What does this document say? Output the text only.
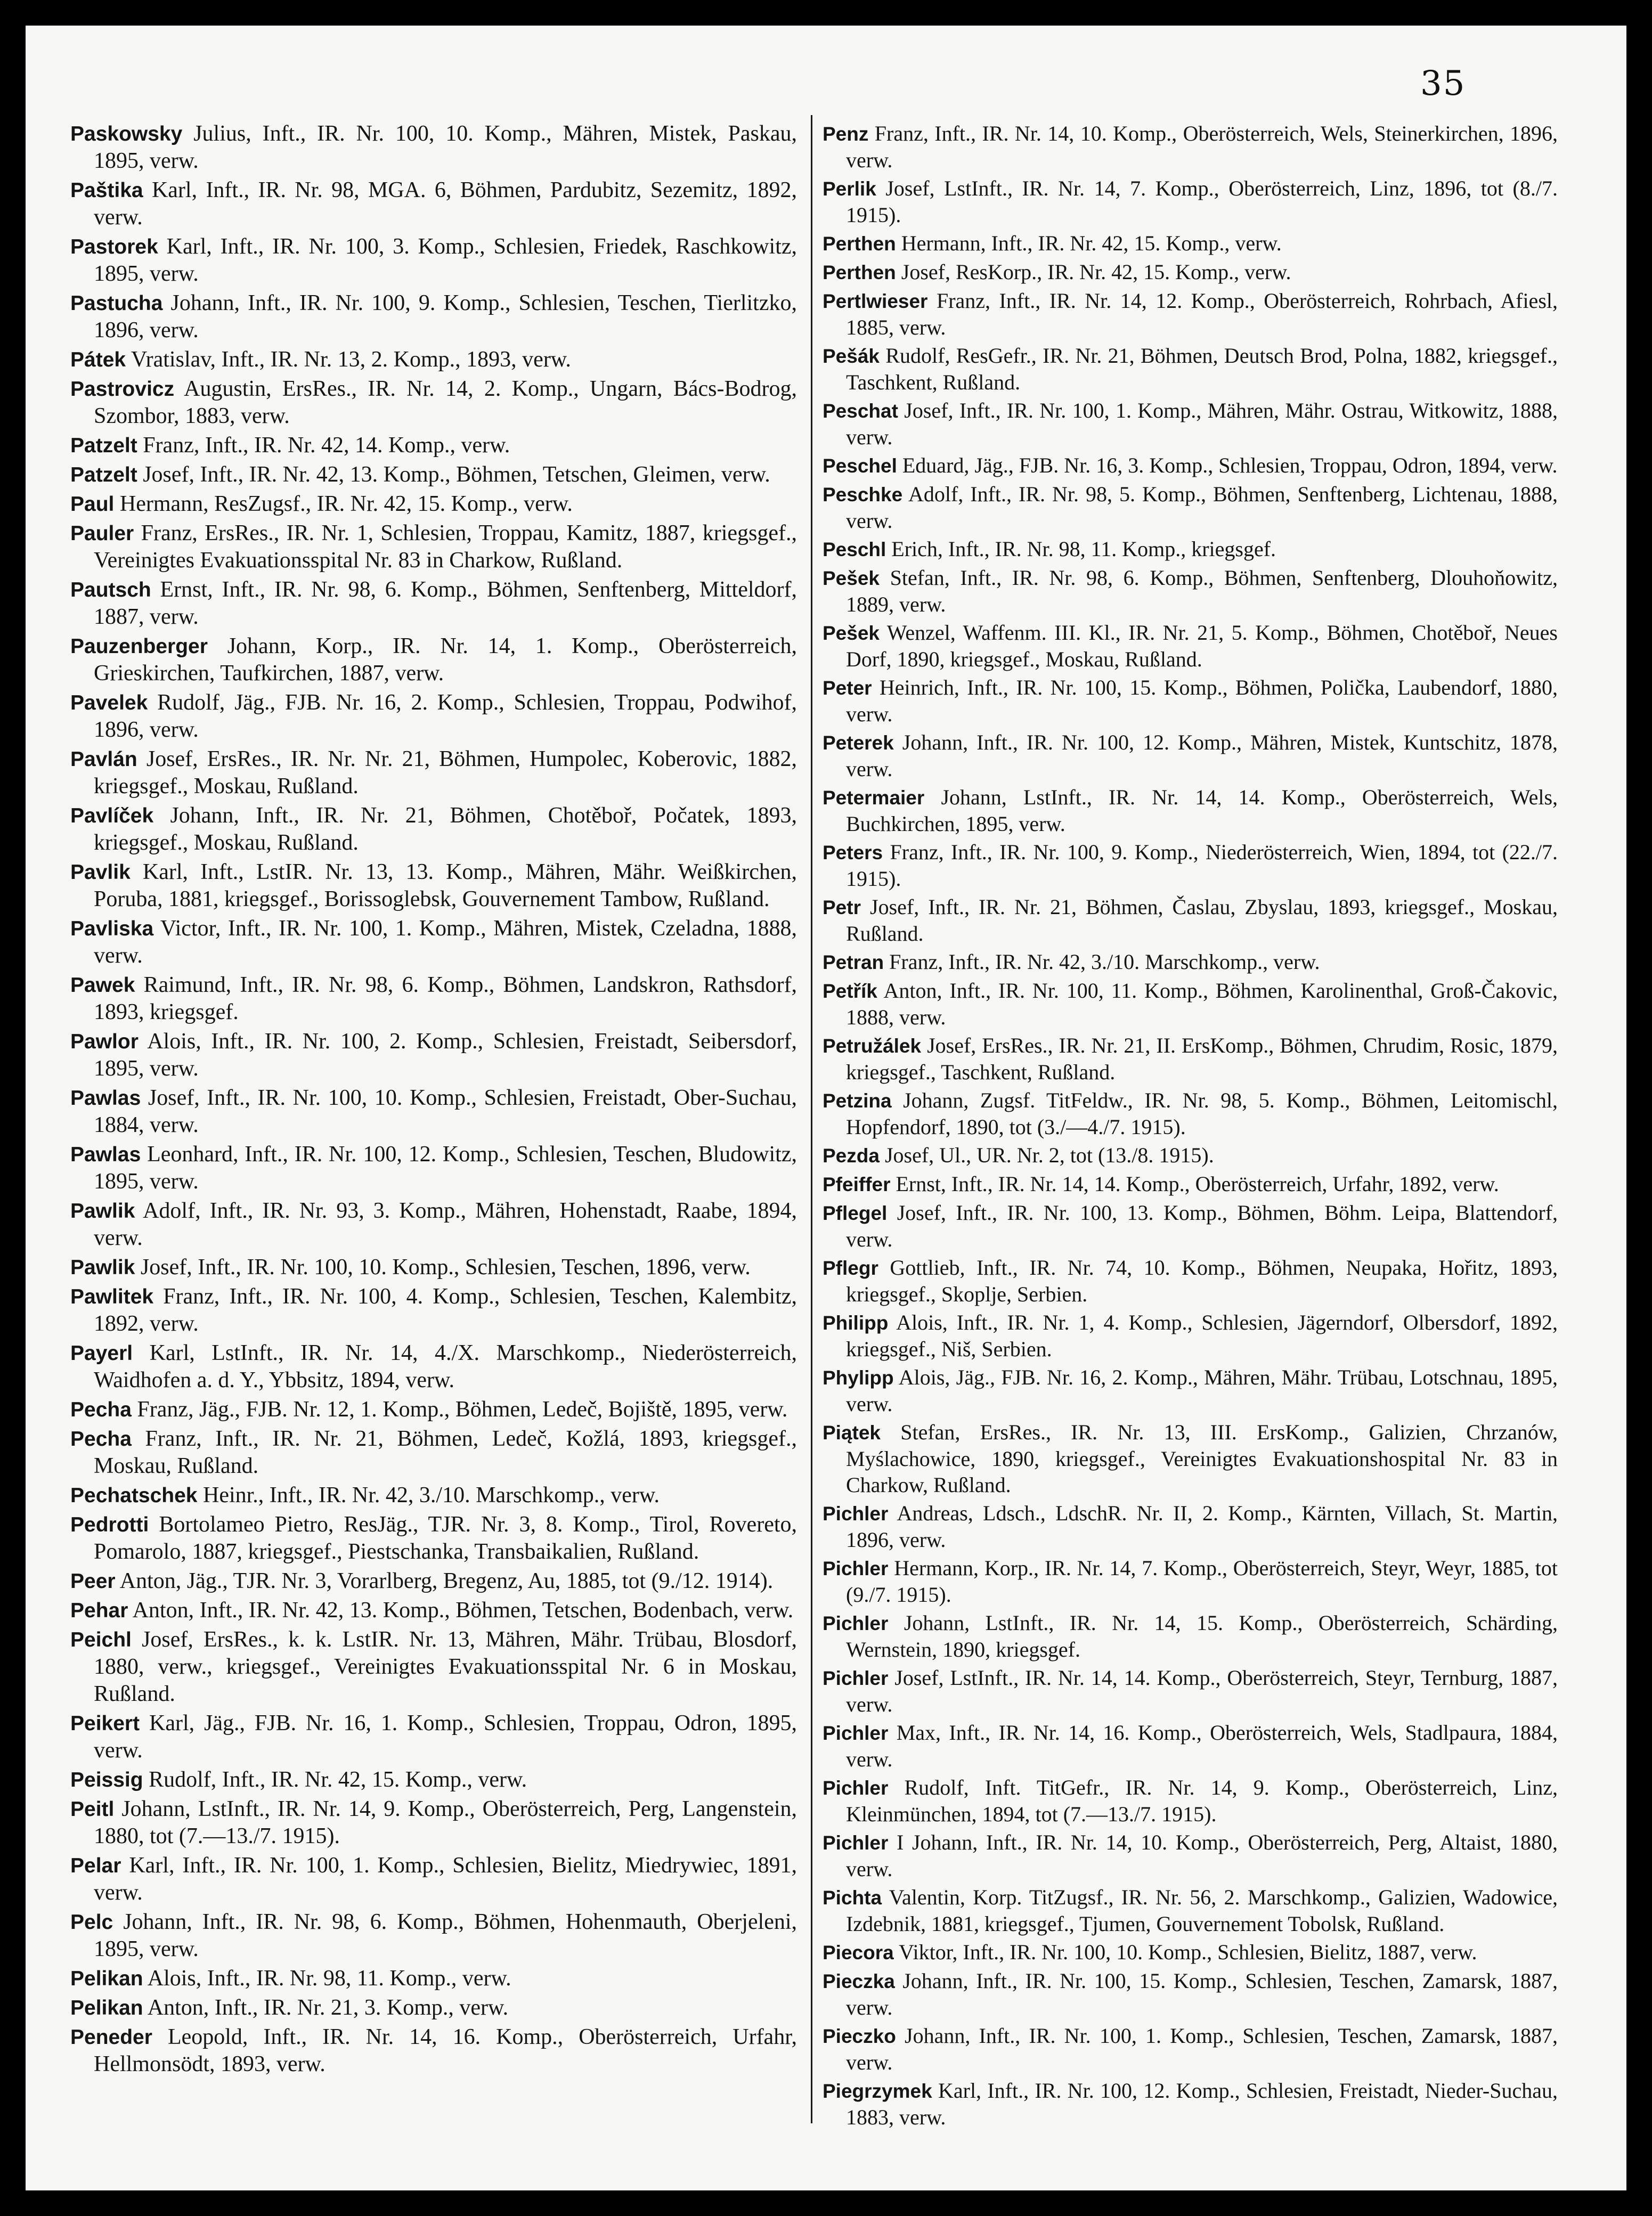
35

Paskowsky Julius, Inft., IR. Nr. 100, 10. Komp., Mähren, Mistek, Paskau, 1895, verw.

Paštika Karl, Inft., IR. Nr. 98, MGA. 6, Böhmen, Pardubitz, Sezemitz, 1892, verw.

Pastorek Karl, Inft., IR. Nr. 100, 3. Komp., Schlesien, Friedek, Raschkowitz, 1895, verw.

Pastucha Johann, Inft., IR. Nr. 100, 9. Komp., Schlesien, Teschen, Tierlitzko, 1896, verw.

Pátek Vratislav, Inft., IR. Nr. 13, 2. Komp., 1893, verw.

Pastrovicz Augustin, ErsRes., IR. Nr. 14, 2. Komp., Ungarn, Bács-Bodrog, Szombor, 1883, verw.

Patzelt Franz, Inft., IR. Nr. 42, 14. Komp., verw.

Patzelt Josef, Inft., IR. Nr. 42, 13. Komp., Böhmen, Tetschen, Gleimen, verw.

Paul Hermann, ResZugsf., IR. Nr. 42, 15. Komp., verw.

Pauler Franz, ErsRes., IR. Nr. 1, Schlesien, Troppau, Kamitz, 1887, kriegsgef., Vereinigtes Evakuationsspital Nr. 83 in Charkow, Rußland.

Pautsch Ernst, Inft., IR. Nr. 98, 6. Komp., Böhmen, Senftenberg, Mitteldorf, 1887, verw.

Pauzenberger Johann, Korp., IR. Nr. 14, 1. Komp., Oberösterreich, Grieskirchen, Taufkirchen, 1887, verw.

Pavelek Rudolf, Jäg., FJB. Nr. 16, 2. Komp., Schlesien, Troppau, Podwihof, 1896, verw.

Pavlán Josef, ErsRes., IR. Nr. Nr. 21, Böhmen, Humpolec, Koberovic, 1882, kriegsgef., Moskau, Rußland.

Pavlíček Johann, Inft., IR. Nr. 21, Böhmen, Chotěboř, Počatek, 1893, kriegsgef., Moskau, Rußland.

Pavlik Karl, Inft., LstIR. Nr. 13, 13. Komp., Mähren, Mähr. Weißkirchen, Poruba, 1881, kriegsgef., Borissoglebsk, Gouvernement Tambow, Rußland.

Pavliska Victor, Inft., IR. Nr. 100, 1. Komp., Mähren, Mistek, Czeladna, 1888, verw.

Pawek Raimund, Inft., IR. Nr. 98, 6. Komp., Böhmen, Landskron, Rathsdorf, 1893, kriegsgef.

Pawlor Alois, Inft., IR. Nr. 100, 2. Komp., Schlesien, Freistadt, Seibersdorf, 1895, verw.

Pawlas Josef, Inft., IR. Nr. 100, 10. Komp., Schlesien, Freistadt, Ober-Suchau, 1884, verw.

Pawlas Leonhard, Inft., IR. Nr. 100, 12. Komp., Schlesien, Teschen, Bludowitz, 1895, verw.

Pawlik Adolf, Inft., IR. Nr. 93, 3. Komp., Mähren, Hohenstadt, Raabe, 1894, verw.

Pawlik Josef, Inft., IR. Nr. 100, 10. Komp., Schlesien, Teschen, 1896, verw.

Pawlitek Franz, Inft., IR. Nr. 100, 4. Komp., Schlesien, Teschen, Kalembitz, 1892, verw.

Payerl Karl, LstInft., IR. Nr. 14, 4./X. Marschkomp., Niederösterreich, Waidhofen a. d. Y., Ybbsitz, 1894, verw.

Pecha Franz, Jäg., FJB. Nr. 12, 1. Komp., Böhmen, Ledeč, Bojiště, 1895, verw.

Pecha Franz, Inft., IR. Nr. 21, Böhmen, Ledeč, Kožlá, 1893, kriegsgef., Moskau, Rußland.

Pechatschek Heinr., Inft., IR. Nr. 42, 3./10. Marschkomp., verw.

Pedrotti Bortolameo Pietro, ResJäg., TJR. Nr. 3, 8. Komp., Tirol, Rovereto, Pomarolo, 1887, kriegsgef., Piestschanka, Transbaikalien, Rußland.

Peer Anton, Jäg., TJR. Nr. 3, Vorarlberg, Bregenz, Au, 1885, tot (9./12. 1914).

Pehar Anton, Inft., IR. Nr. 42, 13. Komp., Böhmen, Tetschen, Bodenbach, verw.

Peichl Josef, ErsRes., k. k. LstIR. Nr. 13, Mähren, Mähr. Trübau, Blosdorf, 1880, verw., kriegsgef., Vereinigtes Evakuationsspital Nr. 6 in Moskau, Rußland.

Peikert Karl, Jäg., FJB. Nr. 16, 1. Komp., Schlesien, Troppau, Odron, 1895, verw.

Peissig Rudolf, Inft., IR. Nr. 42, 15. Komp., verw.

Peitl Johann, LstInft., IR. Nr. 14, 9. Komp., Oberösterreich, Perg, Langenstein, 1880, tot (7.—13./7. 1915).

Pelar Karl, Inft., IR. Nr. 100, 1. Komp., Schlesien, Bielitz, Miedrywiec, 1891, verw.

Pelc Johann, Inft., IR. Nr. 98, 6. Komp., Böhmen, Hohenmauth, Oberjeleni, 1895, verw.

Pelikan Alois, Inft., IR. Nr. 98, 11. Komp., verw.

Pelikan Anton, Inft., IR. Nr. 21, 3. Komp., verw.

Peneder Leopold, Inft., IR. Nr. 14, 16. Komp., Oberösterreich, Urfahr, Hellmonsödt, 1893, verw.

Penz Franz, Inft., IR. Nr. 14, 10. Komp., Oberösterreich, Wels, Steinerkirchen, 1896, verw.

Perlik Josef, LstInft., IR. Nr. 14, 7. Komp., Oberösterreich, Linz, 1896, tot (8./7. 1915).

Perthen Hermann, Inft., IR. Nr. 42, 15. Komp., verw.

Perthen Josef, ResKorp., IR. Nr. 42, 15. Komp., verw.

Pertlwieser Franz, Inft., IR. Nr. 14, 12. Komp., Oberösterreich, Rohrbach, Afiesl, 1885, verw.

Pešák Rudolf, ResGefr., IR. Nr. 21, Böhmen, Deutsch Brod, Polna, 1882, kriegsgef., Taschkent, Rußland.

Peschat Josef, Inft., IR. Nr. 100, 1. Komp., Mähren, Mähr. Ostrau, Witkowitz, 1888, verw.

Peschel Eduard, Jäg., FJB. Nr. 16, 3. Komp., Schlesien, Troppau, Odron, 1894, verw.

Peschke Adolf, Inft., IR. Nr. 98, 5. Komp., Böhmen, Senftenberg, Lichtenau, 1888, verw.

Peschl Erich, Inft., IR. Nr. 98, 11. Komp., kriegsgef.

Pešek Stefan, Inft., IR. Nr. 98, 6. Komp., Böhmen, Senftenberg, Dlouhoňowitz, 1889, verw.

Pešek Wenzel, Waffenm. III. Kl., IR. Nr. 21, 5. Komp., Böhmen, Chotěboř, Neues Dorf, 1890, kriegsgef., Moskau, Rußland.

Peter Heinrich, Inft., IR. Nr. 100, 15. Komp., Böhmen, Polička, Laubendorf, 1880, verw.

Peterek Johann, Inft., IR. Nr. 100, 12. Komp., Mähren, Mistek, Kuntschitz, 1878, verw.

Petermaier Johann, LstInft., IR. Nr. 14, 14. Komp., Oberösterreich, Wels, Buchkirchen, 1895, verw.

Peters Franz, Inft., IR. Nr. 100, 9. Komp., Niederösterreich, Wien, 1894, tot (22./7. 1915).

Petr Josef, Inft., IR. Nr. 21, Böhmen, Časlau, Zbyslau, 1893, kriegsgef., Moskau, Rußland.

Petran Franz, Inft., IR. Nr. 42, 3./10. Marschkomp., verw.

Petřík Anton, Inft., IR. Nr. 100, 11. Komp., Böhmen, Karolinenthal, Groß-Čakovic, 1888, verw.

Petružálek Josef, ErsRes., IR. Nr. 21, II. ErsKomp., Böhmen, Chrudim, Rosic, 1879, kriegsgef., Taschkent, Rußland.

Petzina Johann, Zugsf. TitFeldw., IR. Nr. 98, 5. Komp., Böhmen, Leitomischl, Hopfendorf, 1890, tot (3./—4./7. 1915).

Pezda Josef, Ul., UR. Nr. 2, tot (13./8. 1915).

Pfeiffer Ernst, Inft., IR. Nr. 14, 14. Komp., Oberösterreich, Urfahr, 1892, verw.

Pflegel Josef, Inft., IR. Nr. 100, 13. Komp., Böhmen, Böhm. Leipa, Blattendorf, verw.

Pflegr Gottlieb, Inft., IR. Nr. 74, 10. Komp., Böhmen, Neupaka, Hořitz, 1893, kriegsgef., Skoplje, Serbien.

Philipp Alois, Inft., IR. Nr. 1, 4. Komp., Schlesien, Jägerndorf, Olbersdorf, 1892, kriegsgef., Niš, Serbien.

Phylipp Alois, Jäg., FJB. Nr. 16, 2. Komp., Mähren, Mähr. Trübau, Lotschnau, 1895, verw.

Piątek Stefan, ErsRes., IR. Nr. 13, III. ErsKomp., Galizien, Chrzanów, Myślachowice, 1890, kriegsgef., Vereinigtes Evakuationshospital Nr. 83 in Charkow, Rußland.

Pichler Andreas, Ldsch., LdschR. Nr. II, 2. Komp., Kärnten, Villach, St. Martin, 1896, verw.

Pichler Hermann, Korp., IR. Nr. 14, 7. Komp., Oberösterreich, Steyr, Weyr, 1885, tot (9./7. 1915).

Pichler Johann, LstInft., IR. Nr. 14, 15. Komp., Oberösterreich, Schärding, Wernstein, 1890, kriegsgef.

Pichler Josef, LstInft., IR. Nr. 14, 14. Komp., Oberösterreich, Steyr, Ternburg, 1887, verw.

Pichler Max, Inft., IR. Nr. 14, 16. Komp., Oberösterreich, Wels, Stadlpaura, 1884, verw.

Pichler Rudolf, Inft. TitGefr., IR. Nr. 14, 9. Komp., Oberösterreich, Linz, Kleinmünchen, 1894, tot (7.—13./7. 1915).

Pichler I Johann, Inft., IR. Nr. 14, 10. Komp., Oberösterreich, Perg, Altaist, 1880, verw.

Pichta Valentin, Korp. TitZugsf., IR. Nr. 56, 2. Marschkomp., Galizien, Wadowice, Izdebnik, 1881, kriegsgef., Tjumen, Gouvernement Tobolsk, Rußland.

Piecora Viktor, Inft., IR. Nr. 100, 10. Komp., Schlesien, Bielitz, 1887, verw.

Pieczka Johann, Inft., IR. Nr. 100, 15. Komp., Schlesien, Teschen, Zamarsk, 1887, verw.

Pieczko Johann, Inft., IR. Nr. 100, 1. Komp., Schlesien, Teschen, Zamarsk, 1887, verw.

Piegrzymek Karl, Inft., IR. Nr. 100, 12. Komp., Schlesien, Freistadt, Nieder-Suchau, 1883, verw.
